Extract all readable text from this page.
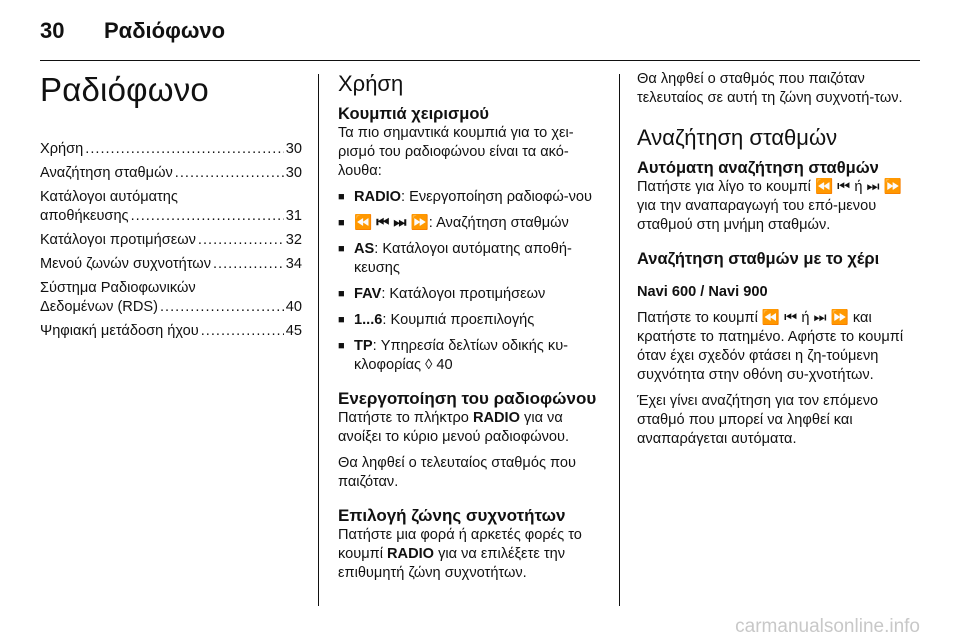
30 Ραδιόφωνο
Ραδιόφωνο
Χρήση .....	30
Αναζήτηση σταθμών .....	30
Κατάλογοι αυτόματης
αποθήκευσης .....	31
Κατάλογοι προτιμήσεων .....	32
Μενού ζωνών συχνοτήτων .....	34
Σύστημα Ραδιοφωνικών
Δεδομένων (RDS) .....	40
Ψηφιακή μετάδοση ήχου .....	45
Χρήση
Κουμπιά χειρισμού

Τα πιο σημαντικά κουμπιά για το χει-ρισμό του ραδιοφώνου είναι τα ακό-λουθα:

■ RADIO: Ενεργοποίηση ραδιοφώ-νου
■ ⏪ ⏮ ⏭ ⏩: Αναζήτηση σταθμών
■ AS: Κατάλογοι αυτόματης αποθή-κευσης
■ FAV: Κατάλογοι προτιμήσεων
■ 1...6: Κουμπιά προεπιλογής
■ TP: Υπηρεσία δελτίων οδικής κυ-κλοφορίας ◊ 40
Ενεργοποίηση του ραδιοφώνου

Πατήστε το πλήκτρο RADIO για να ανοίξει το κύριο μενού ραδιοφώνου.

Θα ληφθεί ο τελευταίος σταθμός που παιζόταν.

Επιλογή ζώνης συχνοτήτων

Πατήστε μια φορά ή αρκετές φορές το κουμπί RADIO για να επιλέξετε την επιθυμητή ζώνη συχνοτήτων.

Θα ληφθεί ο σταθμός που παιζόταν τελευταίος σε αυτή τη ζώνη συχνοτή-των.

Αναζήτηση σταθμών
Αυτόματη αναζήτηση σταθμών

Πατήστε για λίγο το κουμπί ⏪ ⏮ ή ⏭ ⏩ για την αναπαραγωγή του επό-μενου σταθμού στη μνήμη σταθμών.

Αναζήτηση σταθμών με το χέρι

Navi 600 / Navi 900

Πατήστε το κουμπί ⏪ ⏮ ή ⏭ ⏩ και κρατήστε το πατημένο. Αφήστε το κουμπί όταν έχει σχεδόν φτάσει η ζη-τούμενη συχνότητα στην οθόνη συ-χνοτήτων.

Έχει γίνει αναζήτηση για τον επόμενο σταθμό που μπορεί να ληφθεί και αναπαράγεται αυτόματα.

carmanualsonline.info
